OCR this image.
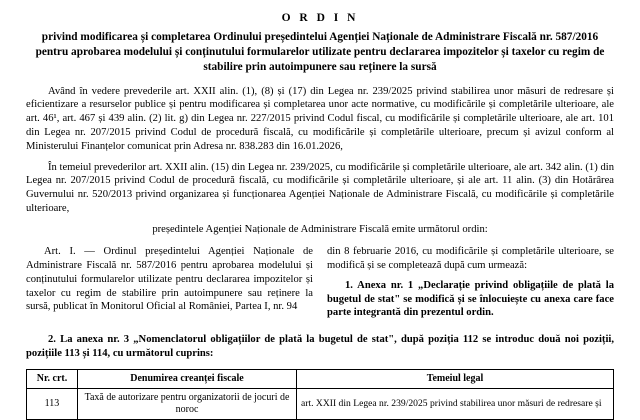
O R D I N
privind modificarea și completarea Ordinului președintelui Agenției Naționale de Administrare Fiscală nr. 587/2016 pentru aprobarea modelului și conținutului formularelor utilizate pentru declararea impozitelor și taxelor cu regim de stabilire prin autoimpunere sau reținere la sursă

Având în vedere prevederile art. XXII alin. (1), (8) și (17) din Legea nr. 239/2025 privind stabilirea unor măsuri de redresare și eficientizare a resurselor publice și pentru modificarea și completarea unor acte normative, cu modificările și completările ulterioare, ale art. 46¹, art. 467 și 439 alin. (2) lit. g) din Legea nr. 227/2015 privind Codul fiscal, cu modificările și completările ulterioare, ale art. 101 din Legea nr. 207/2015 privind Codul de procedură fiscală, cu modificările și completările ulterioare, precum și avizul conform al Ministerului Finanțelor comunicat prin Adresa nr. 838.283 din 16.01.2026,

În temeiul prevederilor art. XXII alin. (15) din Legea nr. 239/2025, cu modificările și completările ulterioare, ale art. 342 alin. (1) din Legea nr. 207/2015 privind Codul de procedură fiscală, cu modificările și completările ulterioare, și ale art. 11 alin. (3) din Hotărârea Guvernului nr. 520/2013 privind organizarea și funcționarea Agenției Naționale de Administrare Fiscală, cu modificările și completările ulterioare,

președintele Agenției Naționale de Administrare Fiscală emite următorul ordin:

Art. I. — Ordinul președintelui Agenției Naționale de Administrare Fiscală nr. 587/2016 pentru aprobarea modelului și conținutului formularelor utilizate pentru declararea impozitelor și taxelor cu regim de stabilire prin autoimpunere sau reținere la sursă, publicat în Monitorul Oficial al României, Partea I, nr. 94

din 8 februarie 2016, cu modificările și completările ulterioare, se modifică și se completează după cum urmează:

1. Anexa nr. 1 „Declarație privind obligațiile de plată la bugetul de stat" se modifică și se înlocuiește cu anexa care face parte integrantă din prezentul ordin.

2. La anexa nr. 3 „Nomenclatorul obligațiilor de plată la bugetul de stat", după poziția 112 se introduc două noi poziții, pozițiile 113 și 114, cu următorul cuprins:
Nr. crt.	Denumirea creanței fiscale	Temeiul legal
113	Taxă de autorizare pentru organizatorii de jocuri de noroc	art. XXII din Legea nr. 239/2025 privind stabilirea unor măsuri de redresare și
